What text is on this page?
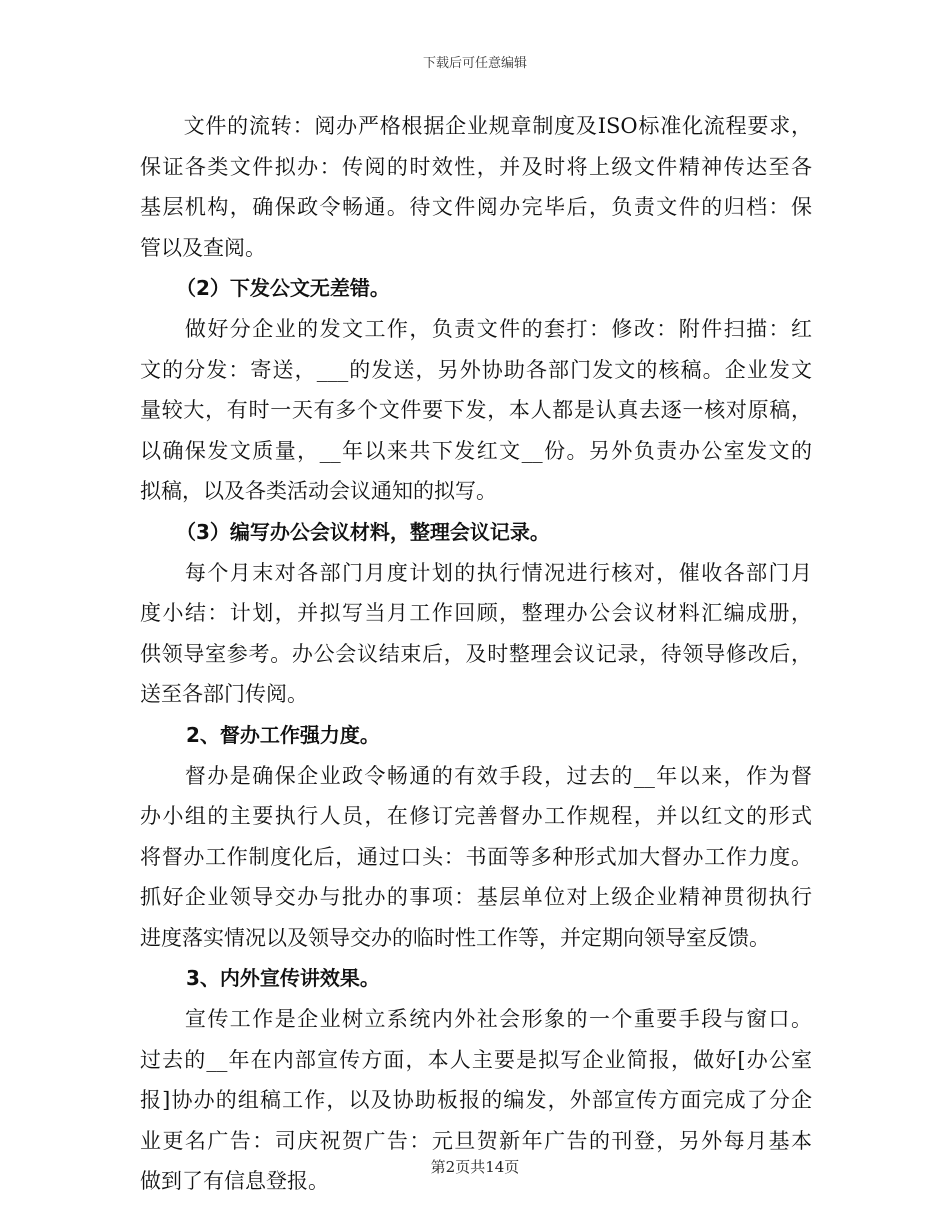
下载后可任意编辑
　　文件的流转：阅办严格根据企业规章制度及ISO标准化流程要求，
保证各类文件拟办：传阅的时效性，并及时将上级文件精神传达至各
基层机构，确保政令畅通。待文件阅办完毕后，负责文件的归档：保
管以及查阅。
（2）下发公文无差错。
　　做好分企业的发文工作，负责文件的套打：修改：附件扫描：红
文的分发：寄送，___的发送，另外协助各部门发文的核稿。企业发文
量较大，有时一天有多个文件要下发，本人都是认真去逐一核对原稿，
以确保发文质量，__年以来共下发红文__份。另外负责办公室发文的
拟稿，以及各类活动会议通知的拟写。
（3）编写办公会议材料，整理会议记录。
　　每个月末对各部门月度计划的执行情况进行核对，催收各部门月
度小结：计划，并拟写当月工作回顾，整理办公会议材料汇编成册，
供领导室参考。办公会议结束后，及时整理会议记录，待领导修改后，
送至各部门传阅。
2、督办工作强力度。
　　督办是确保企业政令畅通的有效手段，过去的__年以来，作为督
办小组的主要执行人员，在修订完善督办工作规程，并以红文的形式
将督办工作制度化后，通过口头：书面等多种形式加大督办工作力度。
抓好企业领导交办与批办的事项：基层单位对上级企业精神贯彻执行
进度落实情况以及领导交办的临时性工作等，并定期向领导室反馈。
3、内外宣传讲效果。
　　宣传工作是企业树立系统内外社会形象的一个重要手段与窗口。
过去的__年在内部宣传方面，本人主要是拟写企业简报，做好[办公室
报]协办的组稿工作，以及协助板报的编发，外部宣传方面完成了分企
业更名广告：司庆祝贺广告：元旦贺新年广告的刊登，另外每月基本
做到了有信息登报。
第2页共14页
